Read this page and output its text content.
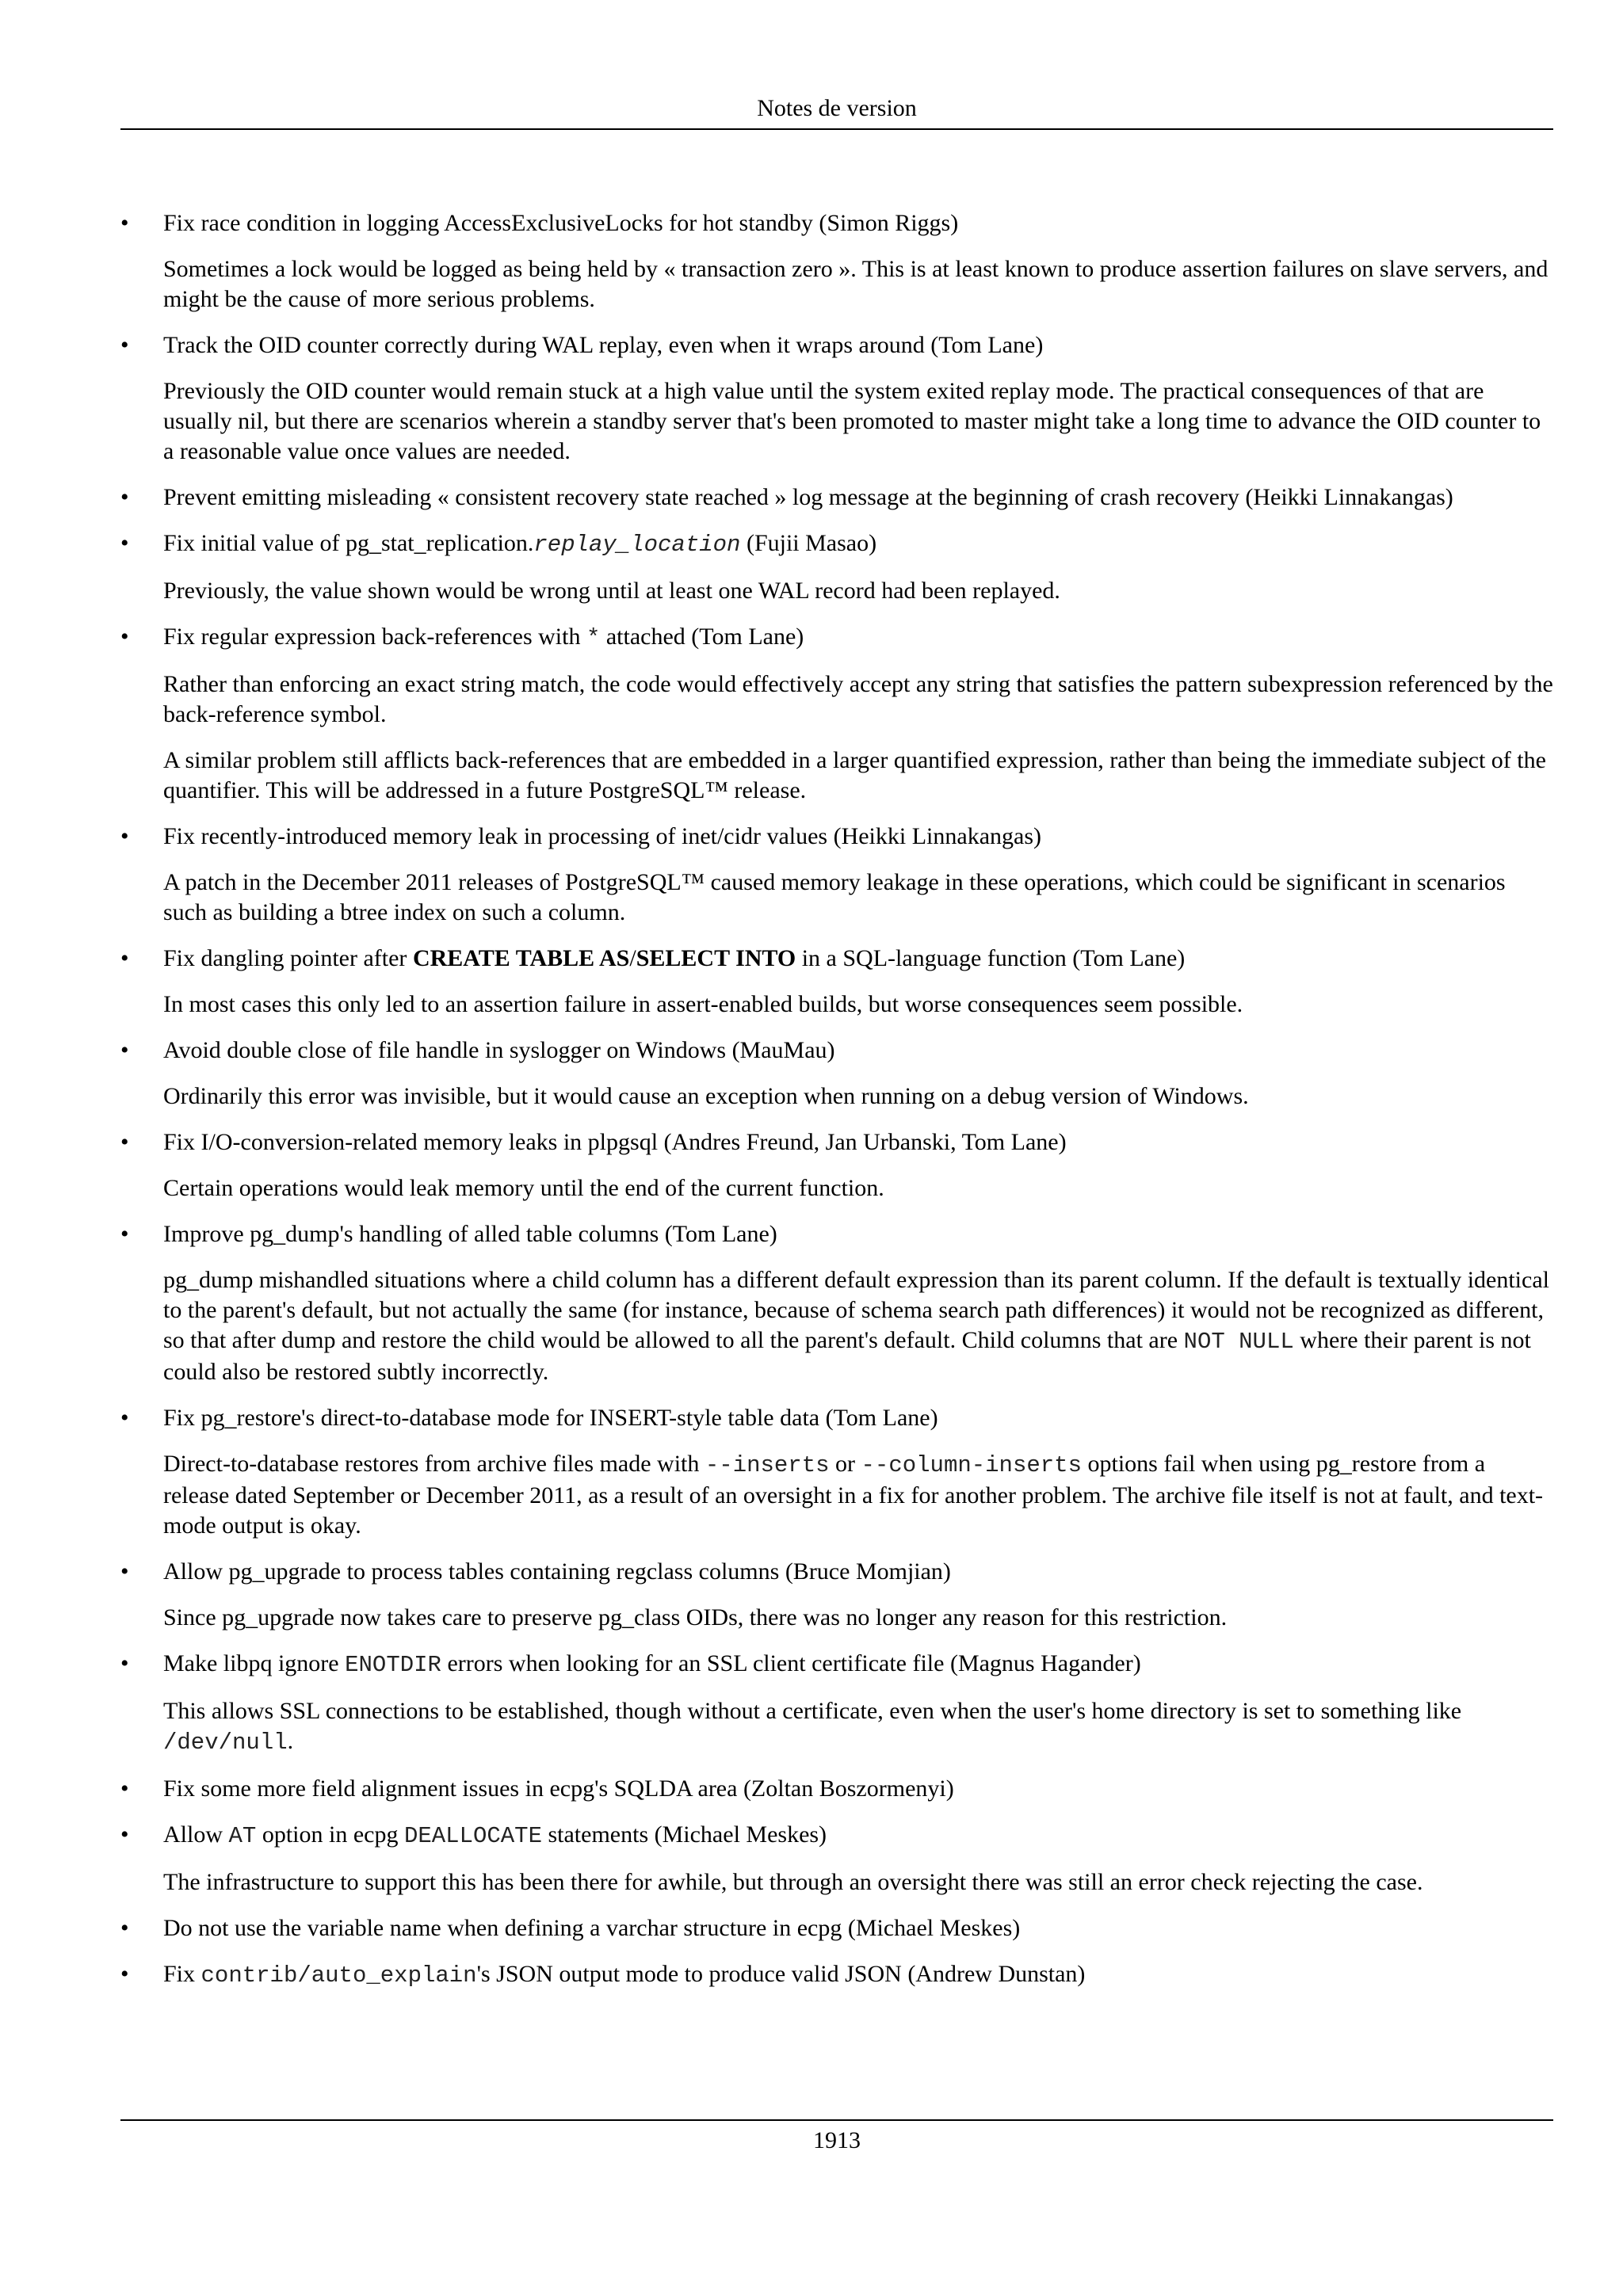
Notes de version
•	Fix race condition in logging AccessExclusiveLocks for hot standby (Simon Riggs)

Sometimes a lock would be logged as being held by « transaction zero ». This is at least known to produce assertion failures on slave servers, and might be the cause of more serious problems.

•	Track the OID counter correctly during WAL replay, even when it wraps around (Tom Lane)

Previously the OID counter would remain stuck at a high value until the system exited replay mode. The practical consequences of that are usually nil, but there are scenarios wherein a standby server that's been promoted to master might take a long time to advance the OID counter to a reasonable value once values are needed.

•	Prevent emitting misleading « consistent recovery state reached » log message at the beginning of crash recovery (Heikki Linnakangas)

•	Fix initial value of pg_stat_replication.replay_location (Fujii Masao)

Previously, the value shown would be wrong until at least one WAL record had been replayed.

•	Fix regular expression back-references with * attached (Tom Lane)

Rather than enforcing an exact string match, the code would effectively accept any string that satisfies the pattern subexpression referenced by the back-reference symbol.

A similar problem still afflicts back-references that are embedded in a larger quantified expression, rather than being the immediate subject of the quantifier. This will be addressed in a future PostgreSQL™ release.

•	Fix recently-introduced memory leak in processing of inet/cidr values (Heikki Linnakangas)

A patch in the December 2011 releases of PostgreSQL™ caused memory leakage in these operations, which could be significant in scenarios such as building a btree index on such a column.

•	Fix dangling pointer after CREATE TABLE AS/SELECT INTO in a SQL-language function (Tom Lane)

In most cases this only led to an assertion failure in assert-enabled builds, but worse consequences seem possible.

•	Avoid double close of file handle in syslogger on Windows (MauMau)

Ordinarily this error was invisible, but it would cause an exception when running on a debug version of Windows.

•	Fix I/O-conversion-related memory leaks in plpgsql (Andres Freund, Jan Urbanski, Tom Lane)

Certain operations would leak memory until the end of the current function.

•	Improve pg_dump's handling of alled table columns (Tom Lane)

pg_dump mishandled situations where a child column has a different default expression than its parent column. If the default is textually identical to the parent's default, but not actually the same (for instance, because of schema search path differences) it would not be recognized as different, so that after dump and restore the child would be allowed to all the parent's default. Child columns that are NOT NULL where their parent is not could also be restored subtly incorrectly.

•	Fix pg_restore's direct-to-database mode for INSERT-style table data (Tom Lane)

Direct-to-database restores from archive files made with --inserts or --column-inserts options fail when using pg_restore from a release dated September or December 2011, as a result of an oversight in a fix for another problem. The archive file itself is not at fault, and text-mode output is okay.

•	Allow pg_upgrade to process tables containing regclass columns (Bruce Momjian)

Since pg_upgrade now takes care to preserve pg_class OIDs, there was no longer any reason for this restriction.

•	Make libpq ignore ENOTDIR errors when looking for an SSL client certificate file (Magnus Hagander)

This allows SSL connections to be established, though without a certificate, even when the user's home directory is set to something like /dev/null.

•	Fix some more field alignment issues in ecpg's SQLDA area (Zoltan Boszormenyi)

•	Allow AT option in ecpg DEALLOCATE statements (Michael Meskes)

The infrastructure to support this has been there for awhile, but through an oversight there was still an error check rejecting the case.

•	Do not use the variable name when defining a varchar structure in ecpg (Michael Meskes)

•	Fix contrib/auto_explain's JSON output mode to produce valid JSON (Andrew Dunstan)

1913
